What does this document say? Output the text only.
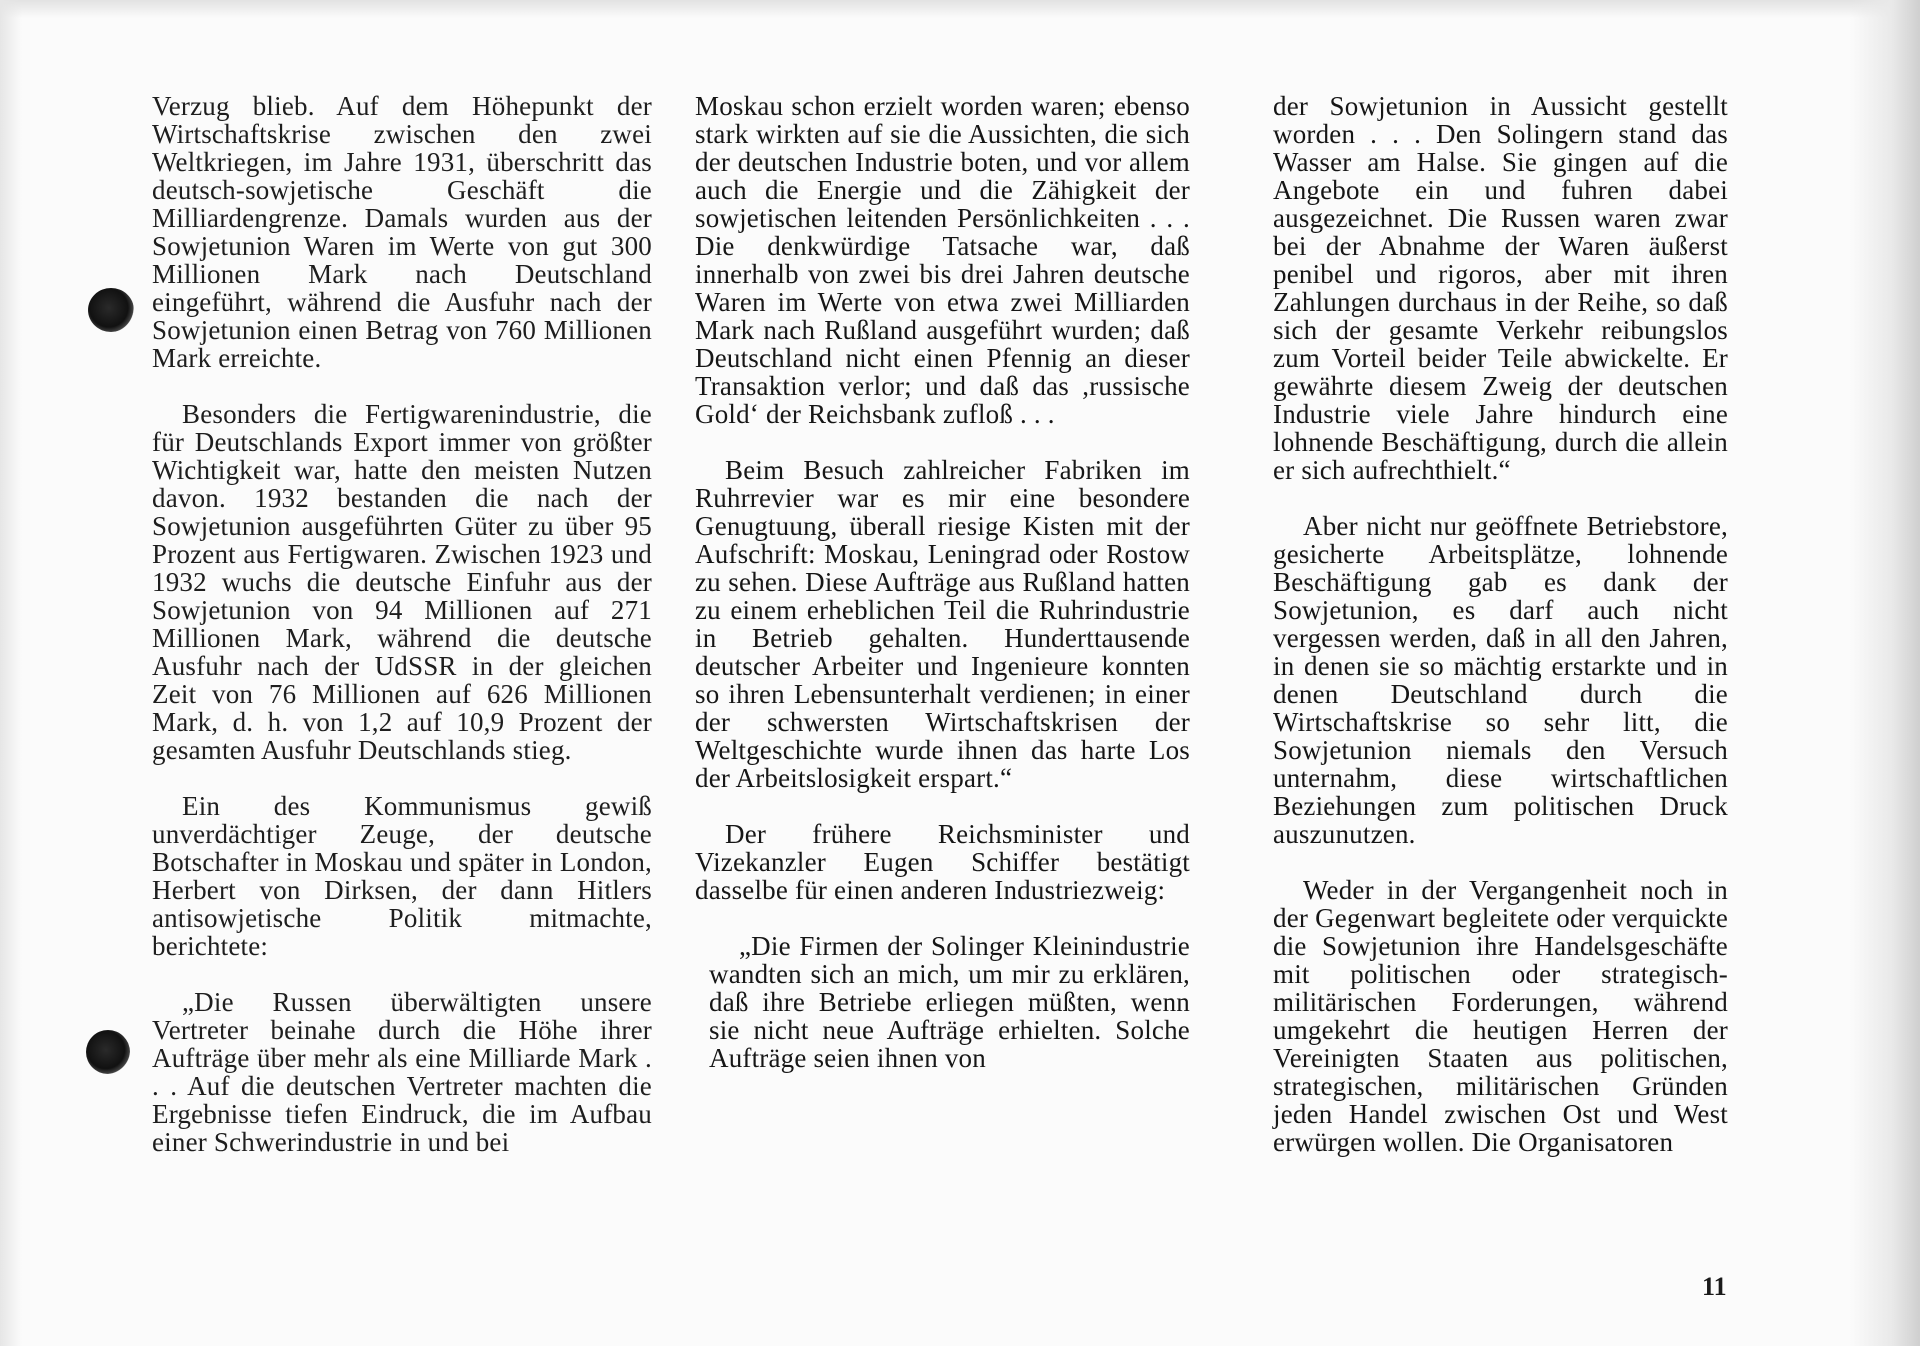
Verzug blieb. Auf dem Höhepunkt der Wirtschaftskrise zwischen den zwei Weltkriegen, im Jahre 1931, überschritt das deutsch-sowjetische Geschäft die Milliardengrenze. Damals wurden aus der Sowjetunion Waren im Werte von gut 300 Millionen Mark nach Deutschland eingeführt, während die Ausfuhr nach der Sowjetunion einen Betrag von 760 Millionen Mark erreichte.

Besonders die Fertigwarenindustrie, die für Deutschlands Export immer von größter Wichtigkeit war, hatte den meisten Nutzen davon. 1932 bestanden die nach der Sowjetunion ausgeführten Güter zu über 95 Prozent aus Fertigwaren. Zwischen 1923 und 1932 wuchs die deutsche Einfuhr aus der Sowjetunion von 94 Millionen auf 271 Millionen Mark, während die deutsche Ausfuhr nach der UdSSR in der gleichen Zeit von 76 Millionen auf 626 Millionen Mark, d. h. von 1,2 auf 10,9 Prozent der gesamten Ausfuhr Deutschlands stieg.

Ein des Kommunismus gewiß unverdächtiger Zeuge, der deutsche Botschafter in Moskau und später in London, Herbert von Dirksen, der dann Hitlers antisowjetische Politik mitmachte, berichtete:

„Die Russen überwältigten unsere Vertreter beinahe durch die Höhe ihrer Aufträge über mehr als eine Milliarde Mark . . . Auf die deutschen Vertreter machten die Ergebnisse tiefen Eindruck, die im Aufbau einer Schwerindustrie in und bei

Moskau schon erzielt worden waren; ebenso stark wirkten auf sie die Aussichten, die sich der deutschen Industrie boten, und vor allem auch die Energie und die Zähigkeit der sowjetischen leitenden Persönlichkeiten . . . Die denkwürdige Tatsache war, daß innerhalb von zwei bis drei Jahren deutsche Waren im Werte von etwa zwei Milliarden Mark nach Rußland ausgeführt wurden; daß Deutschland nicht einen Pfennig an dieser Transaktion verlor; und daß das ,russische Gold‘ der Reichsbank zufloß . . .

Beim Besuch zahlreicher Fabriken im Ruhrrevier war es mir eine besondere Genugtuung, überall riesige Kisten mit der Aufschrift: Moskau, Leningrad oder Rostow zu sehen. Diese Aufträge aus Rußland hatten zu einem erheblichen Teil die Ruhrindustrie in Betrieb gehalten. Hunderttausende deutscher Arbeiter und Ingenieure konnten so ihren Lebensunterhalt verdienen; in einer der schwersten Wirtschaftskrisen der Weltgeschichte wurde ihnen das harte Los der Arbeitslosigkeit erspart.“

Der frühere Reichsminister und Vizekanzler Eugen Schiffer bestätigt dasselbe für einen anderen Industriezweig:

„Die Firmen der Solinger Kleinindustrie wandten sich an mich, um mir zu erklären, daß ihre Betriebe erliegen müßten, wenn sie nicht neue Aufträge erhielten. Solche Aufträge seien ihnen von

der Sowjetunion in Aussicht gestellt worden . . . Den Solingern stand das Wasser am Halse. Sie gingen auf die Angebote ein und fuhren dabei ausgezeichnet. Die Russen waren zwar bei der Abnahme der Waren äußerst penibel und rigoros, aber mit ihren Zahlungen durchaus in der Reihe, so daß sich der gesamte Verkehr reibungslos zum Vorteil beider Teile abwickelte. Er gewährte diesem Zweig der deutschen Industrie viele Jahre hindurch eine lohnende Beschäftigung, durch die allein er sich aufrechthielt.“

Aber nicht nur geöffnete Betriebstore, gesicherte Arbeitsplätze, lohnende Beschäftigung gab es dank der Sowjetunion, es darf auch nicht vergessen werden, daß in all den Jahren, in denen sie so mächtig erstarkte und in denen Deutschland durch die Wirtschaftskrise so sehr litt, die Sowjetunion niemals den Versuch unternahm, diese wirtschaftlichen Beziehungen zum politischen Druck auszunutzen.

Weder in der Vergangenheit noch in der Gegenwart begleitete oder verquickte die Sowjetunion ihre Handelsgeschäfte mit politischen oder strategisch-militärischen Forderungen, während umgekehrt die heutigen Herren der Vereinigten Staaten aus politischen, strategischen, militärischen Gründen jeden Handel zwischen Ost und West erwürgen wollen. Die Organisatoren

11
